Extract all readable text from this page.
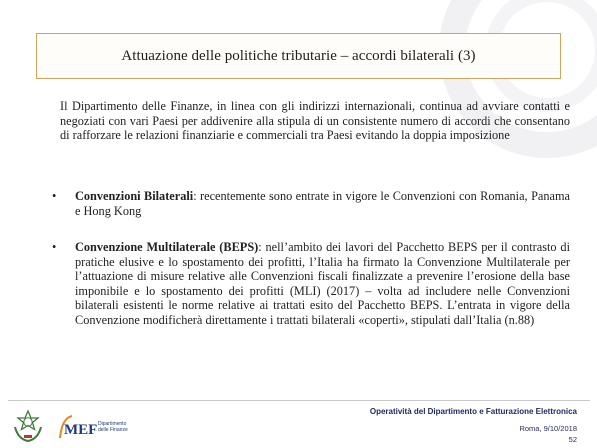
Attuazione delle politiche tributarie – accordi bilaterali (3)

Il Dipartimento delle Finanze, in linea con gli indirizzi internazionali, continua ad avviare contatti e negoziati con vari Paesi per addivenire alla stipula di un consistente numero di accordi che consentano di rafforzare le relazioni finanziarie e commerciali tra Paesi evitando la doppia imposizione

• Convenzioni Bilaterali: recentemente sono entrate in vigore le Convenzioni con Romania, Panama e Hong Kong
• Convenzione Multilaterale (BEPS): nell’ambito dei lavori del Pacchetto BEPS per il contrasto di pratiche elusive e lo spostamento dei profitti, l’Italia ha firmato la Convenzione Multilaterale per l’attuazione di misure relative alle Convenzioni fiscali finalizzate a prevenire l’erosione della base imponibile e lo spostamento dei profitti (MLI) (2017) – volta ad includere nelle Convenzioni bilaterali esistenti le norme relative ai trattati esito del Pacchetto BEPS. L’entrata in vigore della Convenzione modificherà direttamente i trattati bilaterali «coperti», stipulati dall’Italia (n.88)
MEF Dipartimento
delle Finanze
Operatività del Dipartimento e Fatturazione Elettronica
Roma, 9/10/2018
52
